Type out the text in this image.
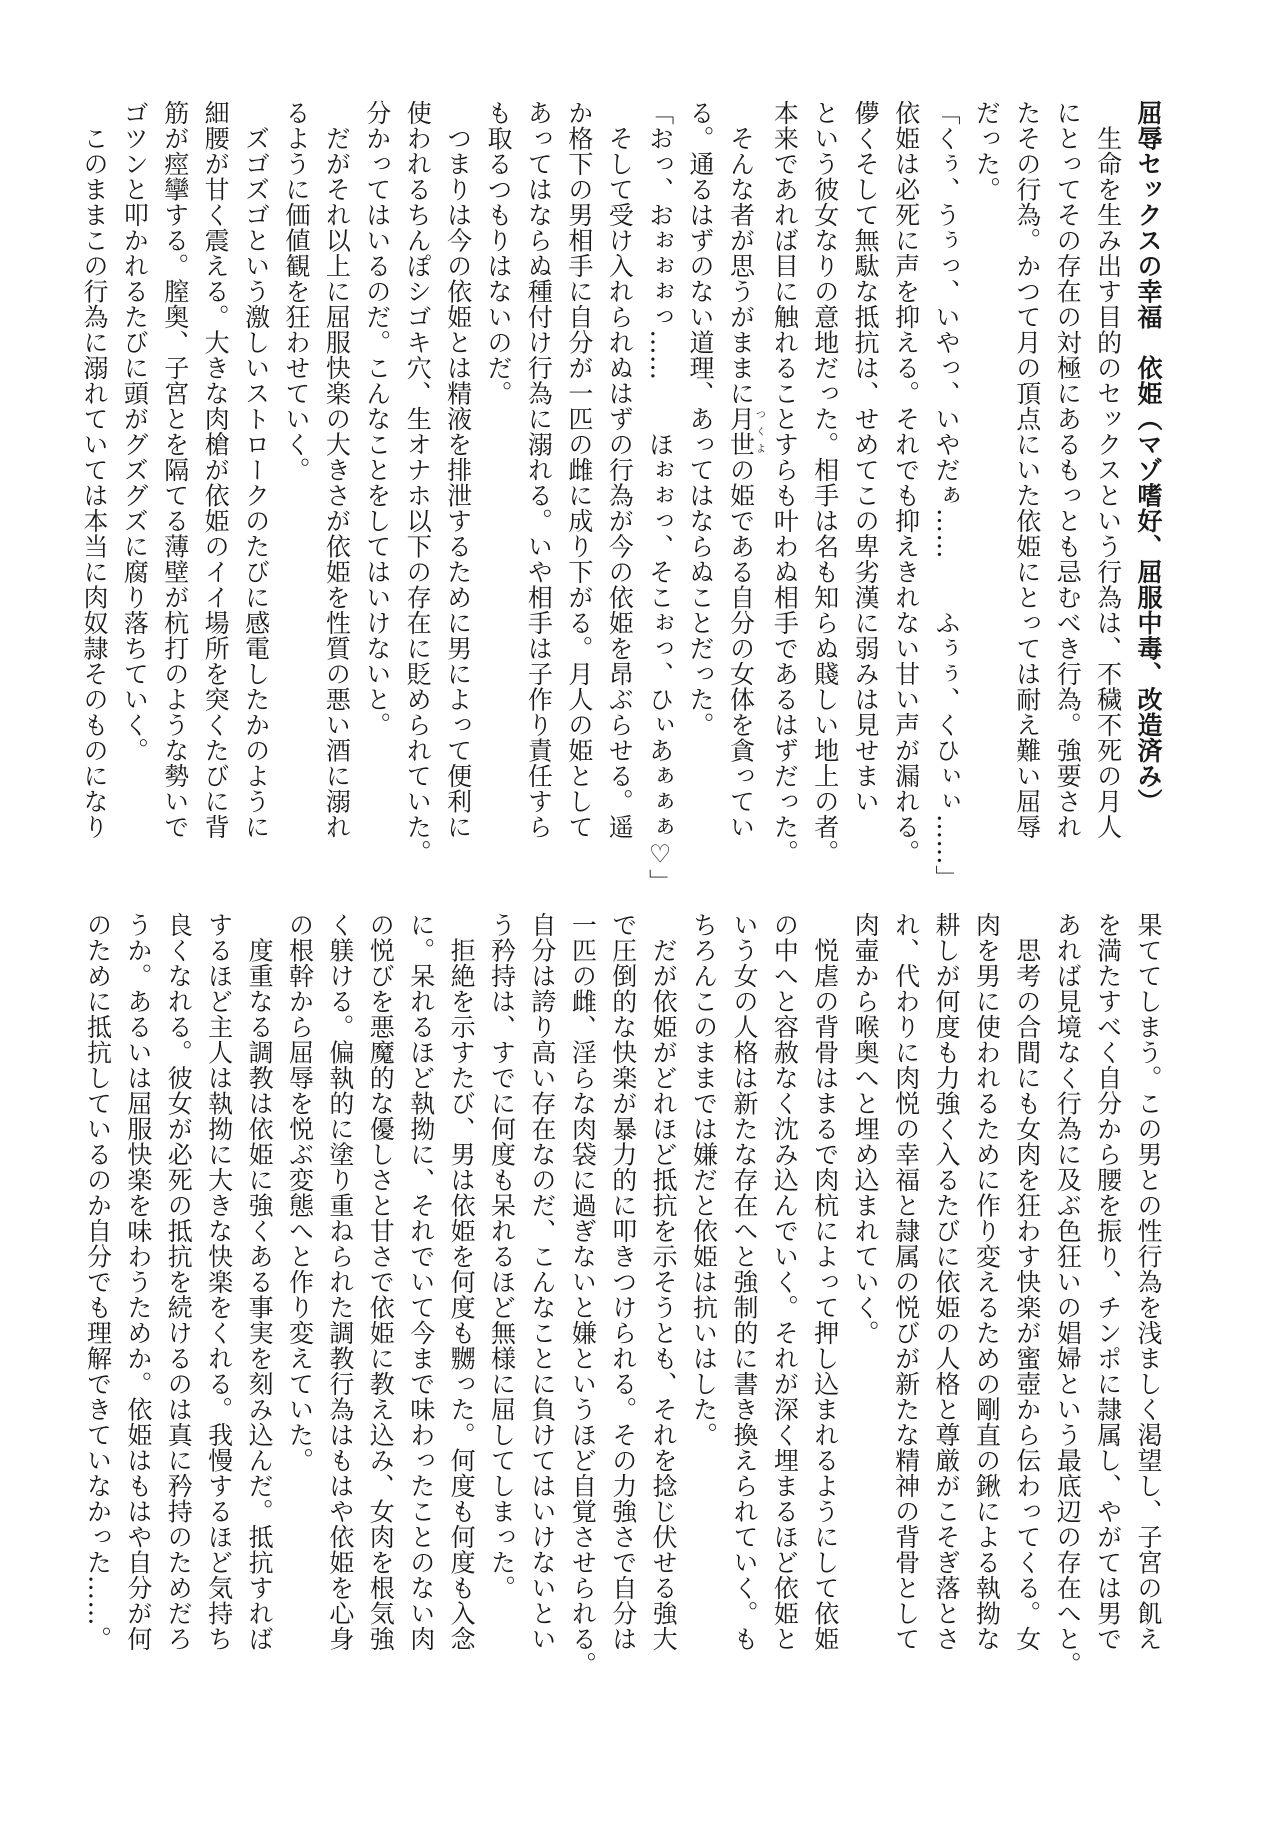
屈辱セックスの幸福　依姫（マゾ嗜好、屈服中毒、改造済み）
　生命を生み出す目的のセックスという行為は、不穢不死の月人
にとってその存在の対極にあるもっとも忌むべき行為。強要され
たその行為。かつて月の頂点にいた依姫にとっては耐え難い屈辱
だった。
「くぅ、うぅっ、いやっ、いやだぁ……　　ふぅぅ、くひぃぃ……」
依姫は必死に声を抑える。それでも抑えきれない甘い声が漏れる。
儚くそして無駄な抵抗は、せめてこの卑劣漢に弱みは見せまい
という彼女なりの意地だった。相手は名も知らぬ賤しい地上の者。
本来であれば目に触れることすらも叶わぬ相手であるはずだった。
　そんな者が思うがままに月世つくよの姫である自分の女体を貪ってい
る。通るはずのない道理、あってはならぬことだった。
「おっ、おぉぉぉっ……　　ほぉぉっ、そこぉっ、ひぃあぁぁぁ♡」
　そして受け入れられぬはずの行為が今の依姫を昂ぶらせる。遥
か格下の男相手に自分が一匹の雌に成り下がる。月人の姫として
あってはならぬ種付け行為に溺れる。いや相手は子作り責任すら
も取るつもりはないのだ。
　つまりは今の依姫とは精液を排泄するために男によって便利に
使われるちんぽシゴキ穴、生オナホ以下の存在に貶められていた。
分かってはいるのだ。こんなことをしてはいけないと。
　だがそれ以上に屈服快楽の大きさが依姫を性質の悪い酒に溺れ
るように価値観を狂わせていく。
　ズゴズゴという激しいストロークのたびに感電したかのように
細腰が甘く震える。大きな肉槍が依姫のイイ場所を突くたびに背
筋が痙攣する。膣奥、子宮とを隔てる薄壁が杭打のような勢いで
ゴツンと叩かれるたびに頭がグズグズに腐り落ちていく。
　このままこの行為に溺れていては本当に肉奴隷そのものになり
果ててしまう。この男との性行為を浅ましく渇望し、子宮の飢え
を満たすべく自分から腰を振り、チンポに隷属し、やがては男で
あれば見境なく行為に及ぶ色狂いの娼婦という最底辺の存在へと。
　思考の合間にも女肉を狂わす快楽が蜜壺から伝わってくる。女
肉を男に使われるために作り変えるための剛直の鍬による執拗な
耕しが何度も力強く入るたびに依姫の人格と尊厳がこそぎ落とさ
れ、代わりに肉悦の幸福と隷属の悦びが新たな精神の背骨として
肉壷から喉奥へと埋め込まれていく。
　悦虐の背骨はまるで肉杭によって押し込まれるようにして依姫
の中へと容赦なく沈み込んでいく。それが深く埋まるほど依姫と
いう女の人格は新たな存在へと強制的に書き換えられていく。も
ちろんこのままでは嫌だと依姫は抗いはした。
　だが依姫がどれほど抵抗を示そうとも、それを捻じ伏せる強大
で圧倒的な快楽が暴力的に叩きつけられる。その力強さで自分は
一匹の雌、淫らな肉袋に過ぎないと嫌というほど自覚させられる。
自分は誇り高い存在なのだ、こんなことに負けてはいけないとい
う矜持は、すでに何度も呆れるほど無様に屈してしまった。
　拒絶を示すたび、男は依姫を何度も嬲った。何度も何度も入念
に。呆れるほど執拗に、それでいて今まで味わったことのない肉
の悦びを悪魔的な優しさと甘さで依姫に教え込み、女肉を根気強
く躾ける。偏執的に塗り重ねられた調教行為はもはや依姫を心身
の根幹から屈辱を悦ぶ変態へと作り変えていた。
　度重なる調教は依姫に強くある事実を刻み込んだ。抵抗すれば
するほど主人は執拗に大きな快楽をくれる。我慢するほど気持ち
良くなれる。彼女が必死の抵抗を続けるのは真に矜持のためだろ
うか。あるいは屈服快楽を味わうためか。依姫はもはや自分が何
のために抵抗しているのか自分でも理解できていなかった……。
